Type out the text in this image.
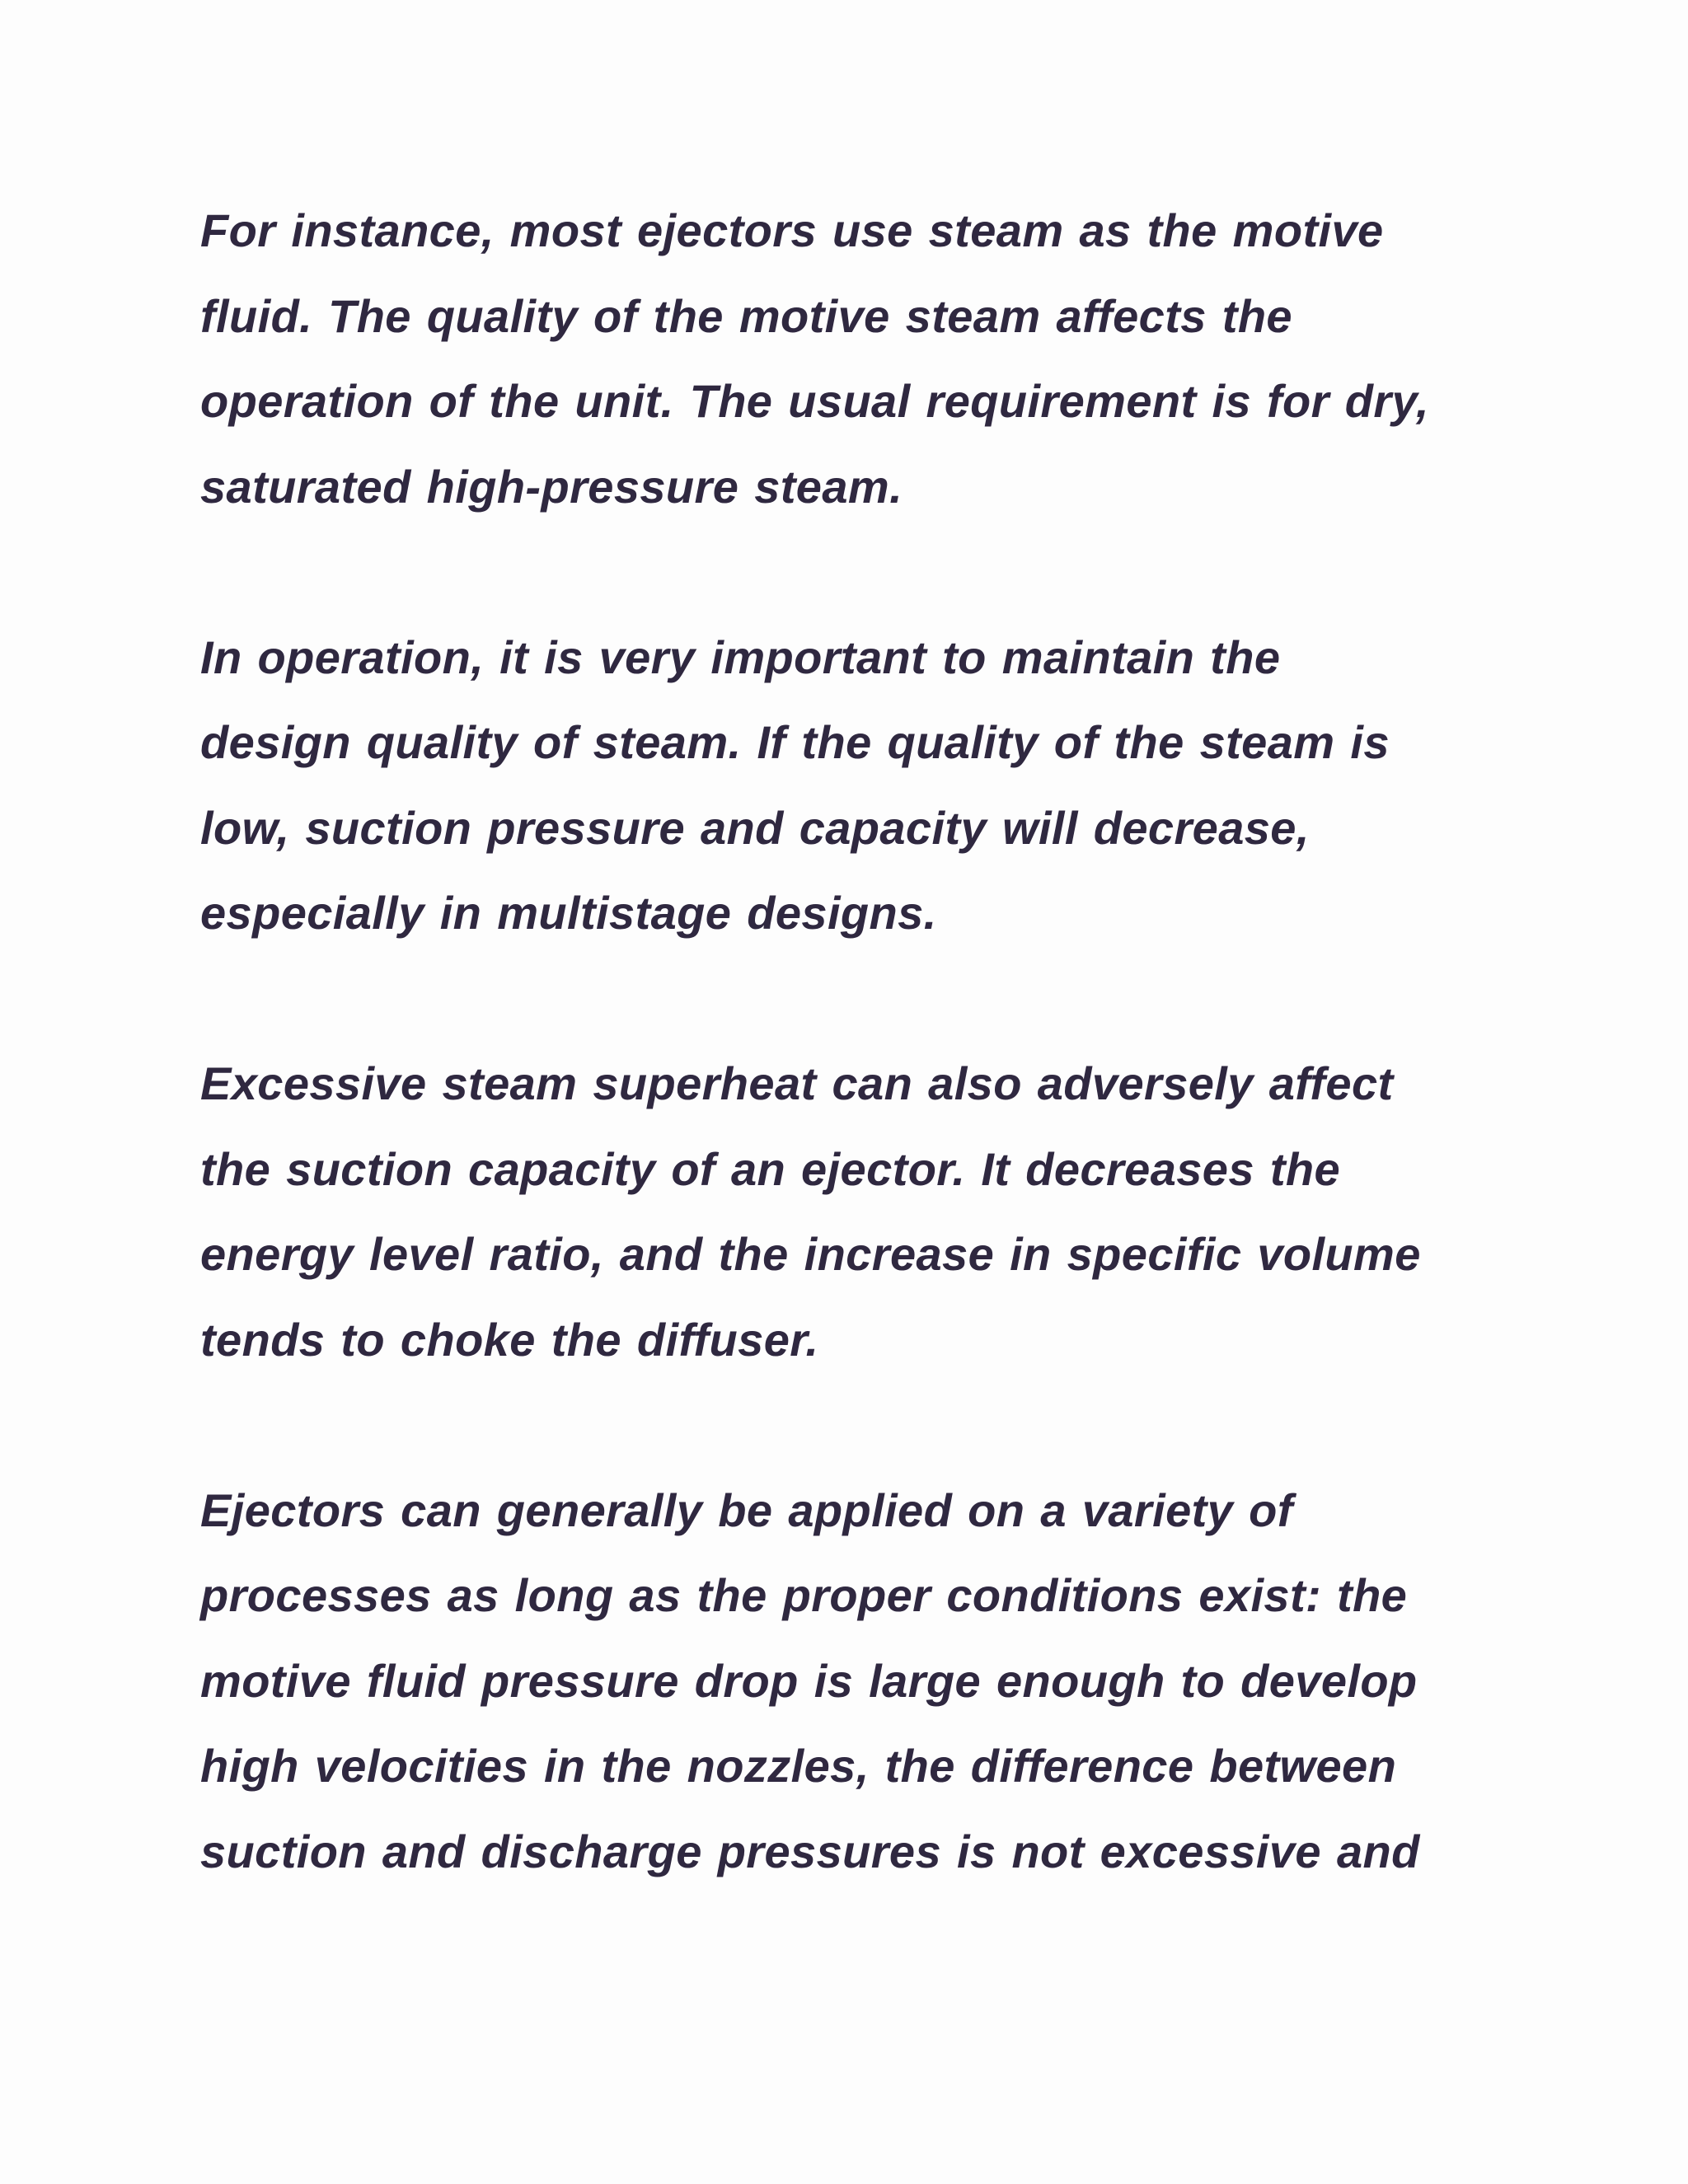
For instance, most ejectors use steam as the motive
fluid. The quality of the motive steam affects the
operation of the unit. The usual requirement is for dry,
saturated high-pressure steam.
In operation, it is very important to maintain the
design quality of steam. If the quality of the steam is
low, suction pressure and capacity will decrease,
especially in multistage designs.
Excessive steam superheat can also adversely affect
the suction capacity of an ejector. It decreases the
energy level ratio, and the increase in specific volume
tends to choke the diffuser.
Ejectors can generally be applied on a variety of
processes as long as the proper conditions exist: the
motive fluid pressure drop is large enough to develop
high velocities in the nozzles, the difference between
suction and discharge pressures is not excessive and
